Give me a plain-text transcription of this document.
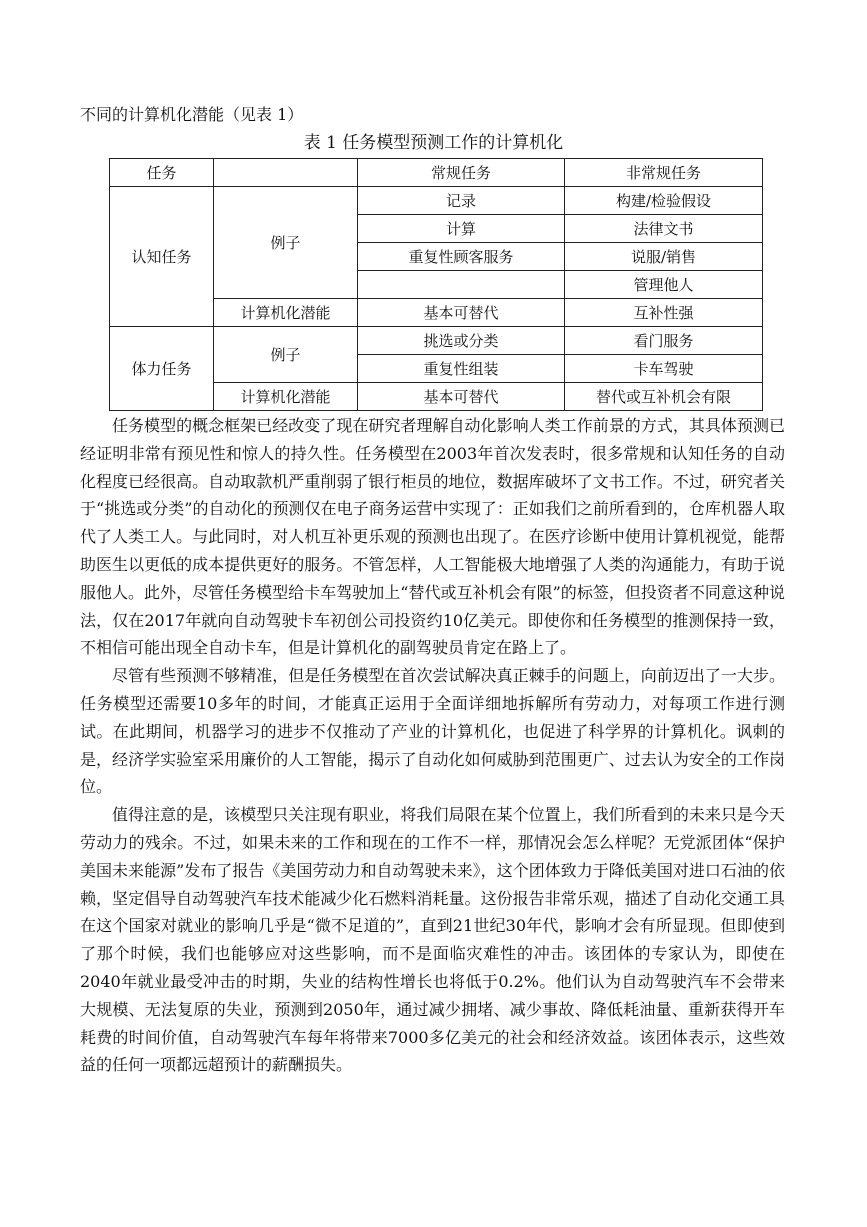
不同的计算机化潜能（见表 1）
表 1 任务模型预测工作的计算机化
任务		常规任务	非常规任务
认知任务	例子	记录	构建/检验假设
		计算	法律文书
		重复性顾客服务	说服/销售
			管理他人
	计算机化潜能	基本可替代	互补性强
体力任务	例子	挑选或分类	看门服务
		重复性组装	卡车驾驶
	计算机化潜能	基本可替代	替代或互补机会有限

任务模型的概念框架已经改变了现在研究者理解自动化影响人类工作前景的方式，其具体预测已经证明非常有预见性和惊人的持久性。任务模型在2003年首次发表时，很多常规和认知任务的自动化程度已经很高。自动取款机严重削弱了银行柜员的地位，数据库破坏了文书工作。不过，研究者关于“挑选或分类”的自动化的预测仅在电子商务运营中实现了：正如我们之前所看到的，仓库机器人取代了人类工人。与此同时，对人机互补更乐观的预测也出现了。在医疗诊断中使用计算机视觉，能帮助医生以更低的成本提供更好的服务。不管怎样，人工智能极大地增强了人类的沟通能力，有助于说服他人。此外，尽管任务模型给卡车驾驶加上“替代或互补机会有限”的标签，但投资者不同意这种说法，仅在2017年就向自动驾驶卡车初创公司投资约10亿美元。即使你和任务模型的推测保持一致，不相信可能出现全自动卡车，但是计算机化的副驾驶员肯定在路上了。

尽管有些预测不够精准，但是任务模型在首次尝试解决真正棘手的问题上，向前迈出了一大步。任务模型还需要10多年的时间，才能真正运用于全面详细地拆解所有劳动力，对每项工作进行测试。在此期间，机器学习的进步不仅推动了产业的计算机化，也促进了科学界的计算机化。讽刺的是，经济学实验室采用廉价的人工智能，揭示了自动化如何威胁到范围更广、过去认为安全的工作岗位。

值得注意的是，该模型只关注现有职业，将我们局限在某个位置上，我们所看到的未来只是今天劳动力的残余。不过，如果未来的工作和现在的工作不一样，那情况会怎么样呢？无党派团体“保护美国未来能源”发布了报告《美国劳动力和自动驾驶未来》，这个团体致力于降低美国对进口石油的依赖，坚定倡导自动驾驶汽车技术能减少化石燃料消耗量。这份报告非常乐观，描述了自动化交通工具在这个国家对就业的影响几乎是“微不足道的”，直到21世纪30年代，影响才会有所显现。但即使到了那个时候，我们也能够应对这些影响，而不是面临灾难性的冲击。该团体的专家认为，即使在2040年就业最受冲击的时期，失业的结构性增长也将低于0.2%。他们认为自动驾驶汽车不会带来大规模、无法复原的失业，预测到2050年，通过减少拥堵、减少事故、降低耗油量、重新获得开车耗费的时间价值，自动驾驶汽车每年将带来7000多亿美元的社会和经济效益。该团体表示，这些效益的任何一项都远超预计的薪酬损失。
